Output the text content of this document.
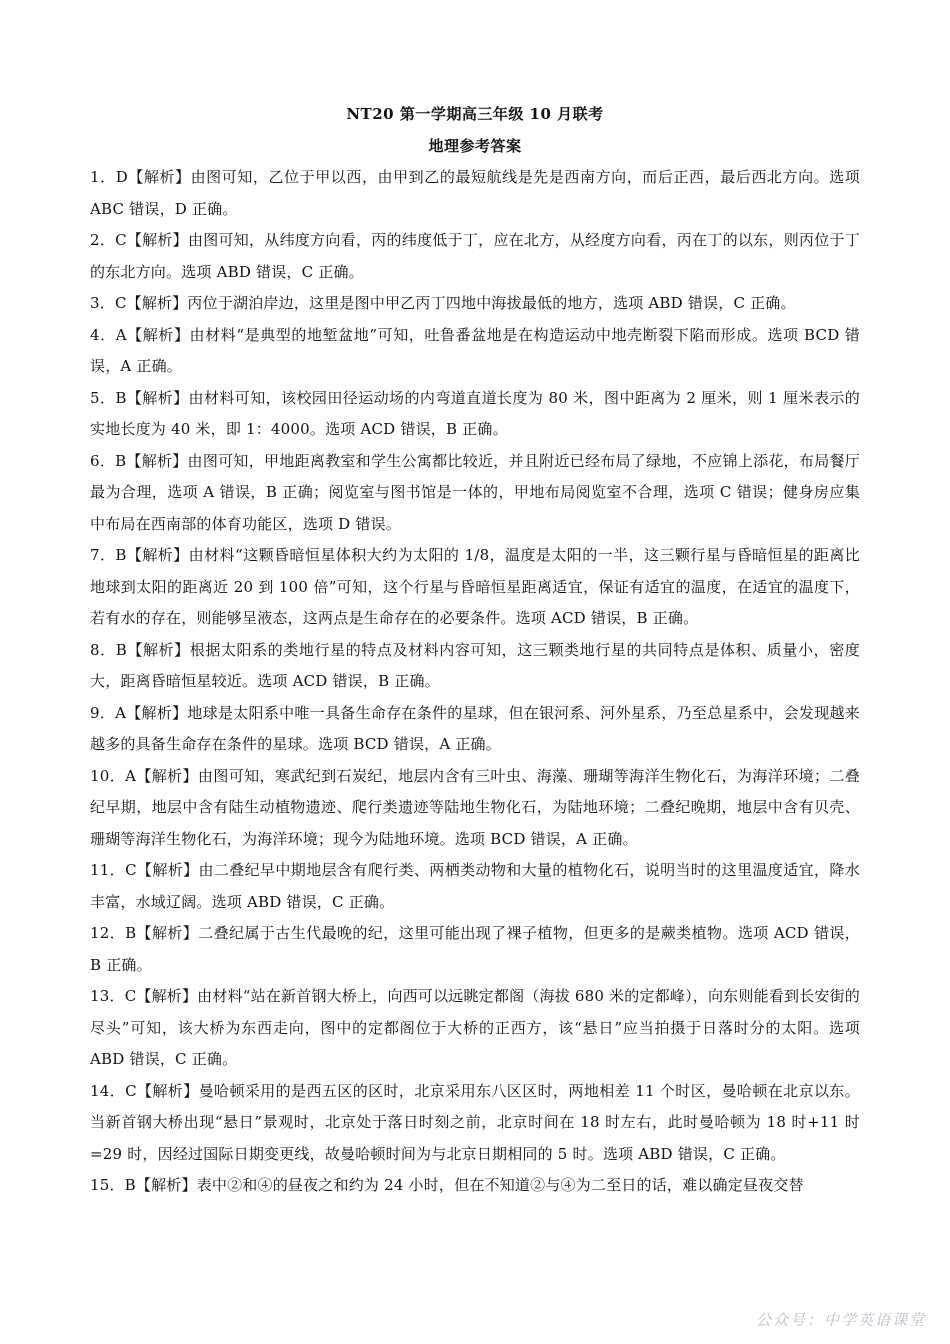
NT20 第一学期高三年级 10 月联考
地理参考答案

1．D【解析】由图可知，乙位于甲以西，由甲到乙的最短航线是先是西南方向，而后正西，最后西北方向。选项 ABC 错误，D 正确。

2．C【解析】由图可知，从纬度方向看，丙的纬度低于丁，应在北方，从经度方向看，丙在丁的以东，则丙位于丁的东北方向。选项 ABD 错误，C 正确。

3．C【解析】丙位于湖泊岸边，这里是图中甲乙丙丁四地中海拔最低的地方，选项 ABD 错误，C 正确。

4．A【解析】由材料“是典型的地堑盆地”可知，吐鲁番盆地是在构造运动中地壳断裂下陷而形成。选项 BCD 错误，A 正确。

5．B【解析】由材料可知，该校园田径运动场的内弯道直道长度为 80 米，图中距离为 2 厘米，则 1 厘米表示的实地长度为 40 米，即 1：4000。选项 ACD 错误，B 正确。

6．B【解析】由图可知，甲地距离教室和学生公寓都比较近，并且附近已经布局了绿地，不应锦上添花，布局餐厅最为合理，选项 A 错误，B 正确；阅览室与图书馆是一体的，甲地布局阅览室不合理，选项 C 错误；健身房应集中布局在西南部的体育功能区，选项 D 错误。

7．B【解析】由材料“这颗昏暗恒星体积大约为太阳的 1/8，温度是太阳的一半，这三颗行星与昏暗恒星的距离比地球到太阳的距离近 20 到 100 倍”可知，这个行星与昏暗恒星距离适宜，保证有适宜的温度，在适宜的温度下，若有水的存在，则能够呈液态，这两点是生命存在的必要条件。选项 ACD 错误，B 正确。

8．B【解析】根据太阳系的类地行星的特点及材料内容可知，这三颗类地行星的共同特点是体积、质量小，密度大，距离昏暗恒星较近。选项 ACD 错误，B 正确。

9．A【解析】地球是太阳系中唯一具备生命存在条件的星球，但在银河系、河外星系，乃至总星系中，会发现越来越多的具备生命存在条件的星球。选项 BCD 错误，A 正确。

10．A【解析】由图可知，寒武纪到石炭纪，地层内含有三叶虫、海藻、珊瑚等海洋生物化石，为海洋环境；二叠纪早期，地层中含有陆生动植物遗迹、爬行类遗迹等陆地生物化石，为陆地环境；二叠纪晚期，地层中含有贝壳、珊瑚等海洋生物化石，为海洋环境；现今为陆地环境。选项 BCD 错误，A 正确。

11．C【解析】由二叠纪早中期地层含有爬行类、两栖类动物和大量的植物化石，说明当时的这里温度适宜，降水丰富，水域辽阔。选项 ABD 错误，C 正确。

12．B【解析】二叠纪属于古生代最晚的纪，这里可能出现了裸子植物，但更多的是蕨类植物。选项 ACD 错误，B 正确。

13．C【解析】由材料“站在新首钢大桥上，向西可以远眺定都阁（海拔 680 米的定都峰），向东则能看到长安街的尽头”可知，该大桥为东西走向，图中的定都阁位于大桥的正西方，该“悬日”应当拍摄于日落时分的太阳。选项 ABD 错误，C 正确。

14．C【解析】曼哈顿采用的是西五区的区时，北京采用东八区区时，两地相差 11 个时区，曼哈顿在北京以东。当新首钢大桥出现“悬日”景观时，北京处于落日时刻之前，北京时间在 18 时左右，此时曼哈顿为 18 时+11 时=29 时，因经过国际日期变更线，故曼哈顿时间为与北京日期相同的 5 时。选项 ABD 错误，C 正确。

15．B【解析】表中②和④的昼夜之和约为 24 小时，但在不知道②与④为二至日的话，难以确定昼夜交替

公众号：中学英语课堂
